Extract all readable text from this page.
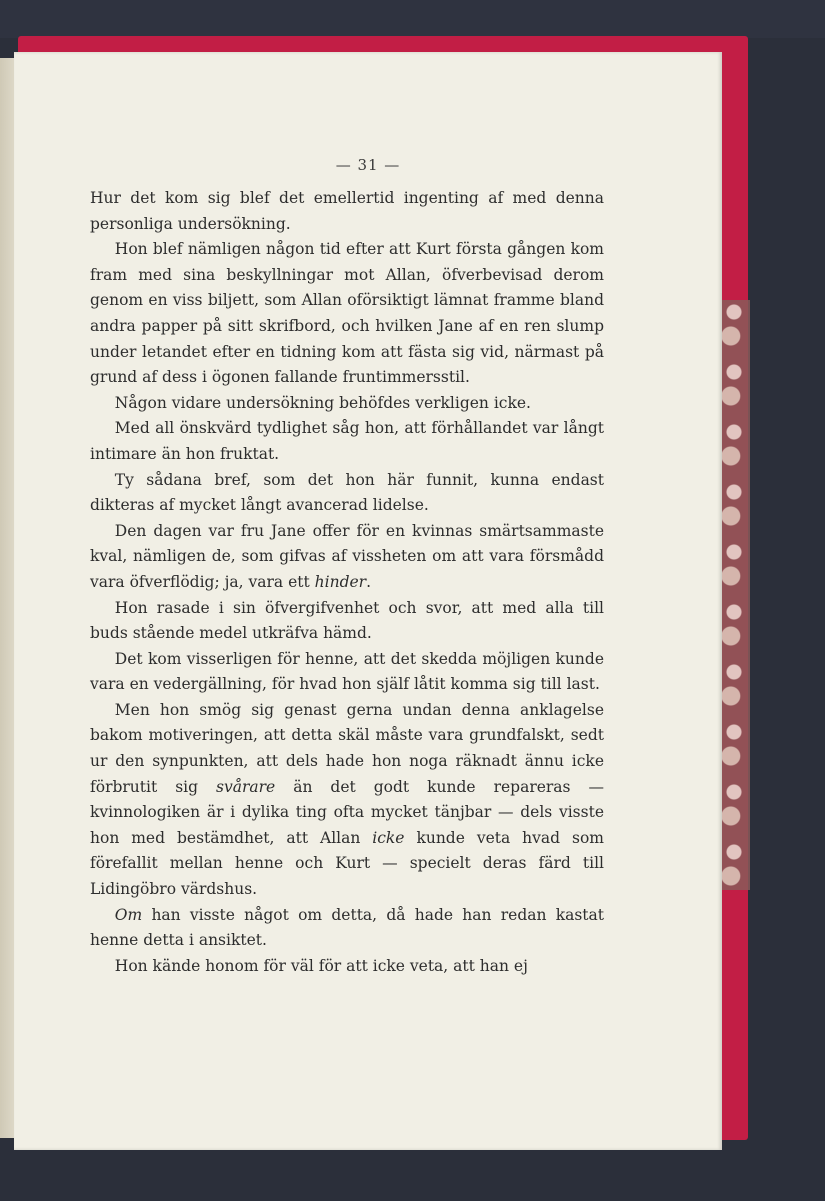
— 31 —

Hur det kom sig blef det emellertid ingenting af med denna personliga undersökning.

Hon blef nämligen någon tid efter att Kurt första gången kom fram med sina beskyllningar mot Allan, öfverbevisad derom genom en viss biljett, som Allan oförsiktigt lämnat framme bland andra papper på sitt skrifbord, och hvilken Jane af en ren slump under letandet efter en tidning kom att fästa sig vid, närmast på grund af dess i ögonen fallande fruntimmersstil.

Någon vidare undersökning behöfdes verkligen icke.

Med all önskvärd tydlighet såg hon, att förhållandet var långt intimare än hon fruktat.

Ty sådana bref, som det hon här funnit, kunna endast dikteras af mycket långt avancerad lidelse.

Den dagen var fru Jane offer för en kvinnas smärtsammaste kval, nämligen de, som gifvas af vissheten om att vara försmådd vara öfverflödig; ja, vara ett hinder.

Hon rasade i sin öfvergifvenhet och svor, att med alla till buds stående medel utkräfva hämd.

Det kom visserligen för henne, att det skedda möjligen kunde vara en vedergällning, för hvad hon själf låtit komma sig till last.

Men hon smög sig genast gerna undan denna anklagelse bakom motiveringen, att detta skäl måste vara grundfalskt, sedt ur den synpunkten, att dels hade hon noga räknadt ännu icke förbrutit sig svårare än det godt kunde repareras — kvinnologiken är i dylika ting ofta mycket tänjbar — dels visste hon med bestämdhet, att Allan icke kunde veta hvad som förefallit mellan henne och Kurt — specielt deras färd till Lidingöbro värdshus.

Om han visste något om detta, då hade han redan kastat henne detta i ansiktet.

Hon kände honom för väl för att icke veta, att han ej
